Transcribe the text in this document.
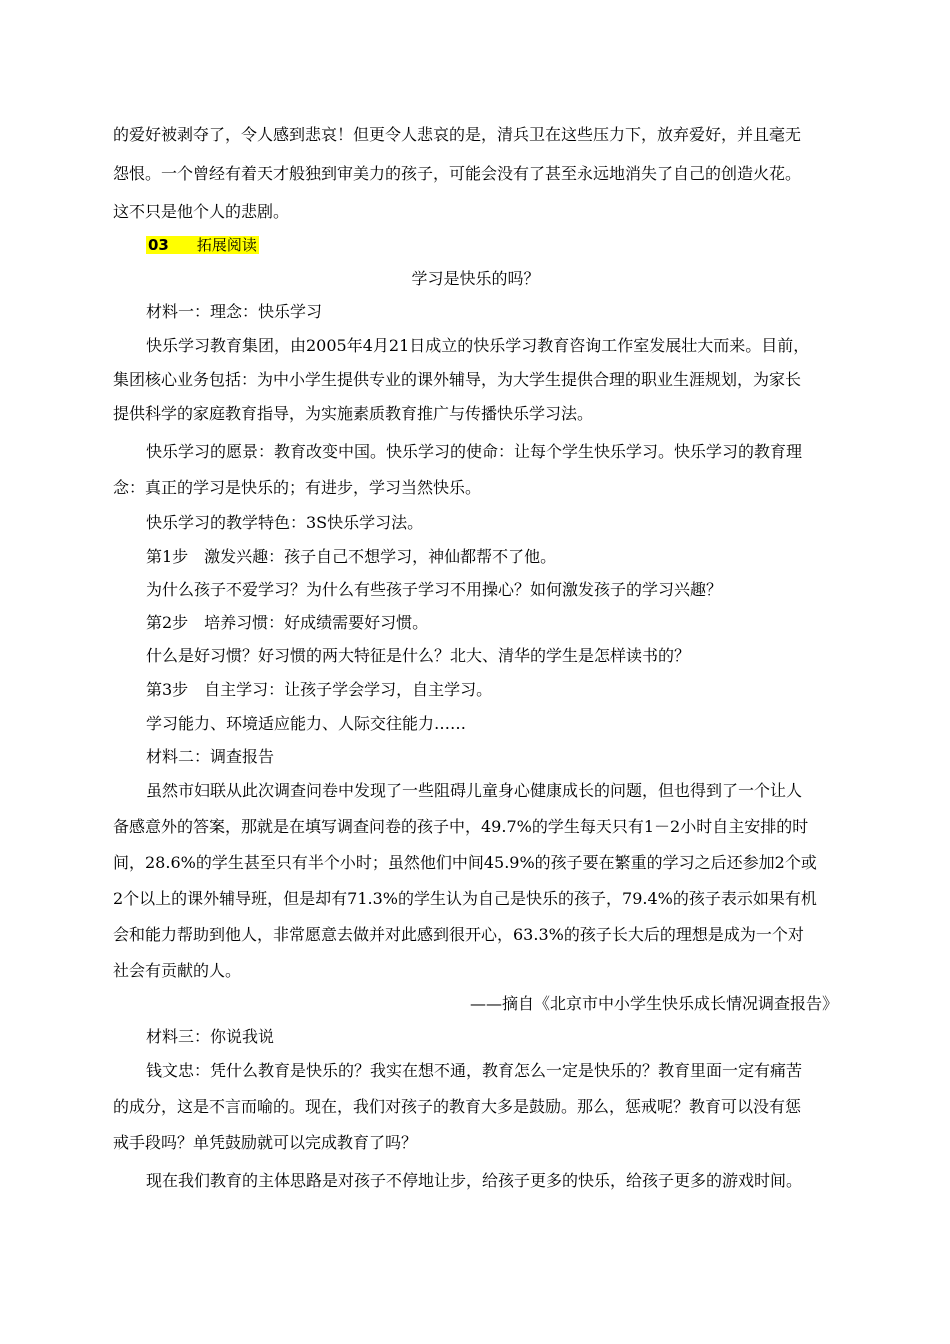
的爱好被剥夺了，令人感到悲哀！但更令人悲哀的是，清兵卫在这些压力下，放弃爱好，并且毫无
怨恨。一个曾经有着天才般独到审美力的孩子，可能会没有了甚至永远地消失了自己的创造火花。
这不只是他个人的悲剧。
03 拓展阅读
学习是快乐的吗？
材料一：理念：快乐学习
快乐学习教育集团，由2005年4月21日成立的快乐学习教育咨询工作室发展壮大而来。目前，
集团核心业务包括：为中小学生提供专业的课外辅导，为大学生提供合理的职业生涯规划，为家长
提供科学的家庭教育指导，为实施素质教育推广与传播快乐学习法。
快乐学习的愿景：教育改变中国。快乐学习的使命：让每个学生快乐学习。快乐学习的教育理
念：真正的学习是快乐的；有进步，学习当然快乐。
快乐学习的教学特色：3S快乐学习法。
第1步　激发兴趣：孩子自己不想学习，神仙都帮不了他。
为什么孩子不爱学习？为什么有些孩子学习不用操心？如何激发孩子的学习兴趣？
第2步　培养习惯：好成绩需要好习惯。
什么是好习惯？好习惯的两大特征是什么？北大、清华的学生是怎样读书的？
第3步　自主学习：让孩子学会学习，自主学习。
学习能力、环境适应能力、人际交往能力……
材料二：调查报告
虽然市妇联从此次调查问卷中发现了一些阻碍儿童身心健康成长的问题，但也得到了一个让人
备感意外的答案，那就是在填写调查问卷的孩子中，49.7%的学生每天只有1－2小时自主安排的时
间，28.6%的学生甚至只有半个小时；虽然他们中间45.9%的孩子要在繁重的学习之后还参加2个或
2个以上的课外辅导班，但是却有71.3%的学生认为自己是快乐的孩子，79.4%的孩子表示如果有机
会和能力帮助到他人，非常愿意去做并对此感到很开心，63.3%的孩子长大后的理想是成为一个对
社会有贡献的人。
——摘自《北京市中小学生快乐成长情况调查报告》
材料三：你说我说
钱文忠：凭什么教育是快乐的？我实在想不通，教育怎么一定是快乐的？教育里面一定有痛苦
的成分，这是不言而喻的。现在，我们对孩子的教育大多是鼓励。那么，惩戒呢？教育可以没有惩
戒手段吗？单凭鼓励就可以完成教育了吗？
现在我们教育的主体思路是对孩子不停地让步，给孩子更多的快乐，给孩子更多的游戏时间。
